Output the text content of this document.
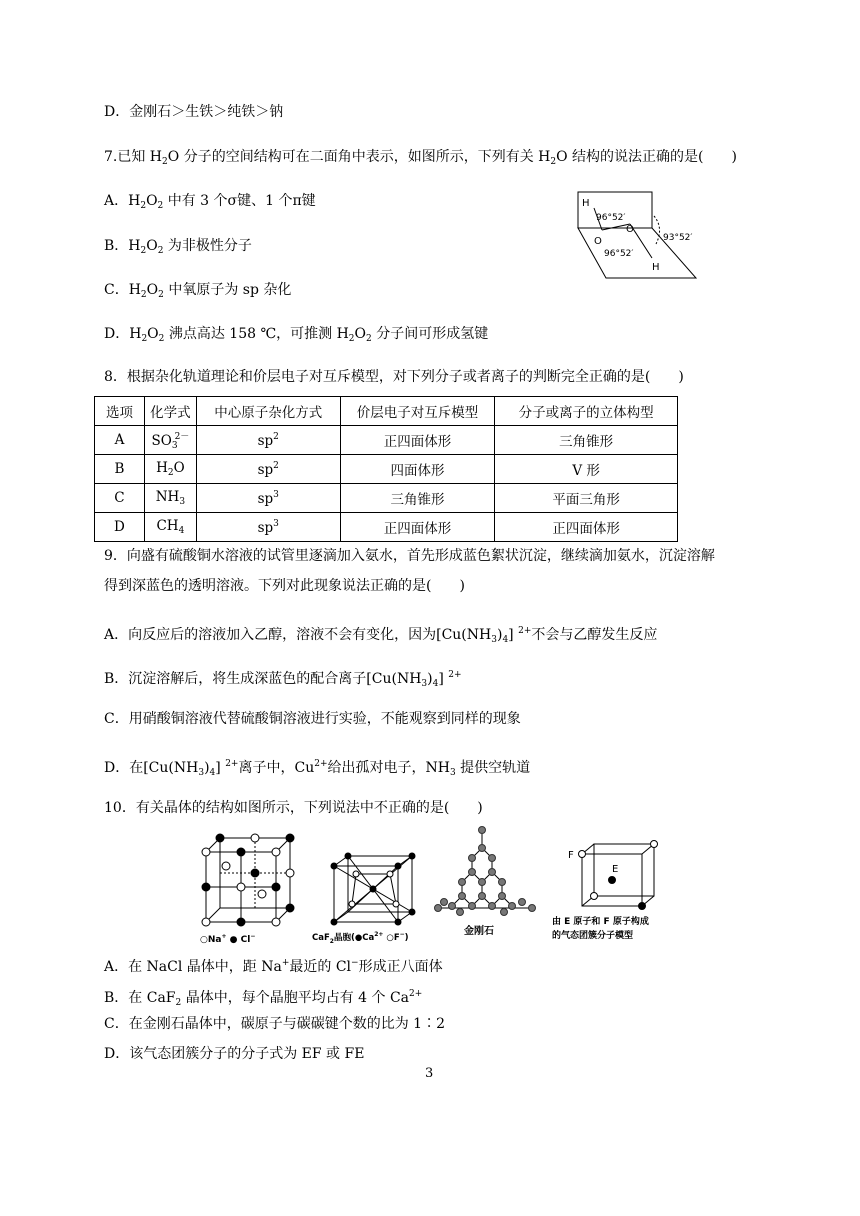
D．金刚石＞生铁＞纯铁＞钠
7.已知 $H_2O$ 分子的空间结构可在二面角中表示，如图所示，下列有关 $H_2O$ 结构的说法正确的是(　　)
A．$H_2O_2$ 中有 3 个σ键、1 个π键
B．$H_2O_2$ 为非极性分子
C．$H_2O_2$ 中氧原子为 sp 杂化
D．$H_2O_2$ 沸点高达 158 ℃，可推测 $H_2O_2$ 分子间可形成氢键
H
96°52′
O
O
96°52′
93°52′
H
8．根据杂化轨道理论和价层电子对互斥模型，对下列分子或者离子的判断完全正确的是(　　)
选项	化学式	中心原子杂化方式	价层电子对互斥模型	分子或离子的立体构型
A	$SO_3^{2-}$	$sp^2$	正四面体形	三角锥形
B	$H_2O$	$sp^2$	四面体形	V 形
C	$NH_3$	$sp^3$	三角锥形	平面三角形
D	$CH_4$	$sp^3$	正四面体形	正四面体形
9．向盛有硫酸铜水溶液的试管里逐滴加入氨水，首先形成蓝色絮状沉淀，继续滴加氨水，沉淀溶解
得到深蓝色的透明溶液。下列对此现象说法正确的是(　　)
A．向反应后的溶液加入乙醇，溶液不会有变化，因为$[Cu(NH_3)_4]$ $^{2+}$不会与乙醇发生反应
B．沉淀溶解后，将生成深蓝色的配合离子$[Cu(NH_3)_4]$ $^{2+}$
C．用硝酸铜溶液代替硫酸铜溶液进行实验，不能观察到同样的现象
D．在$[Cu(NH_3)_4]$ $^{2+}$离子中，$Cu^{2+}$给出孤对电子，$NH_3$ 提供空轨道
10．有关晶体的结构如图所示，下列说法中不正确的是(　　)
○Na+ ● Cl−	CaF$_2$晶胞($●Ca^{2+}$ ○F−)
金刚石
F
E
由 E 原子和 F 原子构成
的气态团簇分子模型
A．在 NaCl 晶体中，距 Na+最近的 Cl−形成正八面体
B．在 CaF$_2$ 晶体中，每个晶胞平均占有 4 个 $Ca^{2+}$
C．在金刚石晶体中，碳原子与碳碳键个数的比为 1∶2
D．该气态团簇分子的分子式为 EF 或 FE
3
